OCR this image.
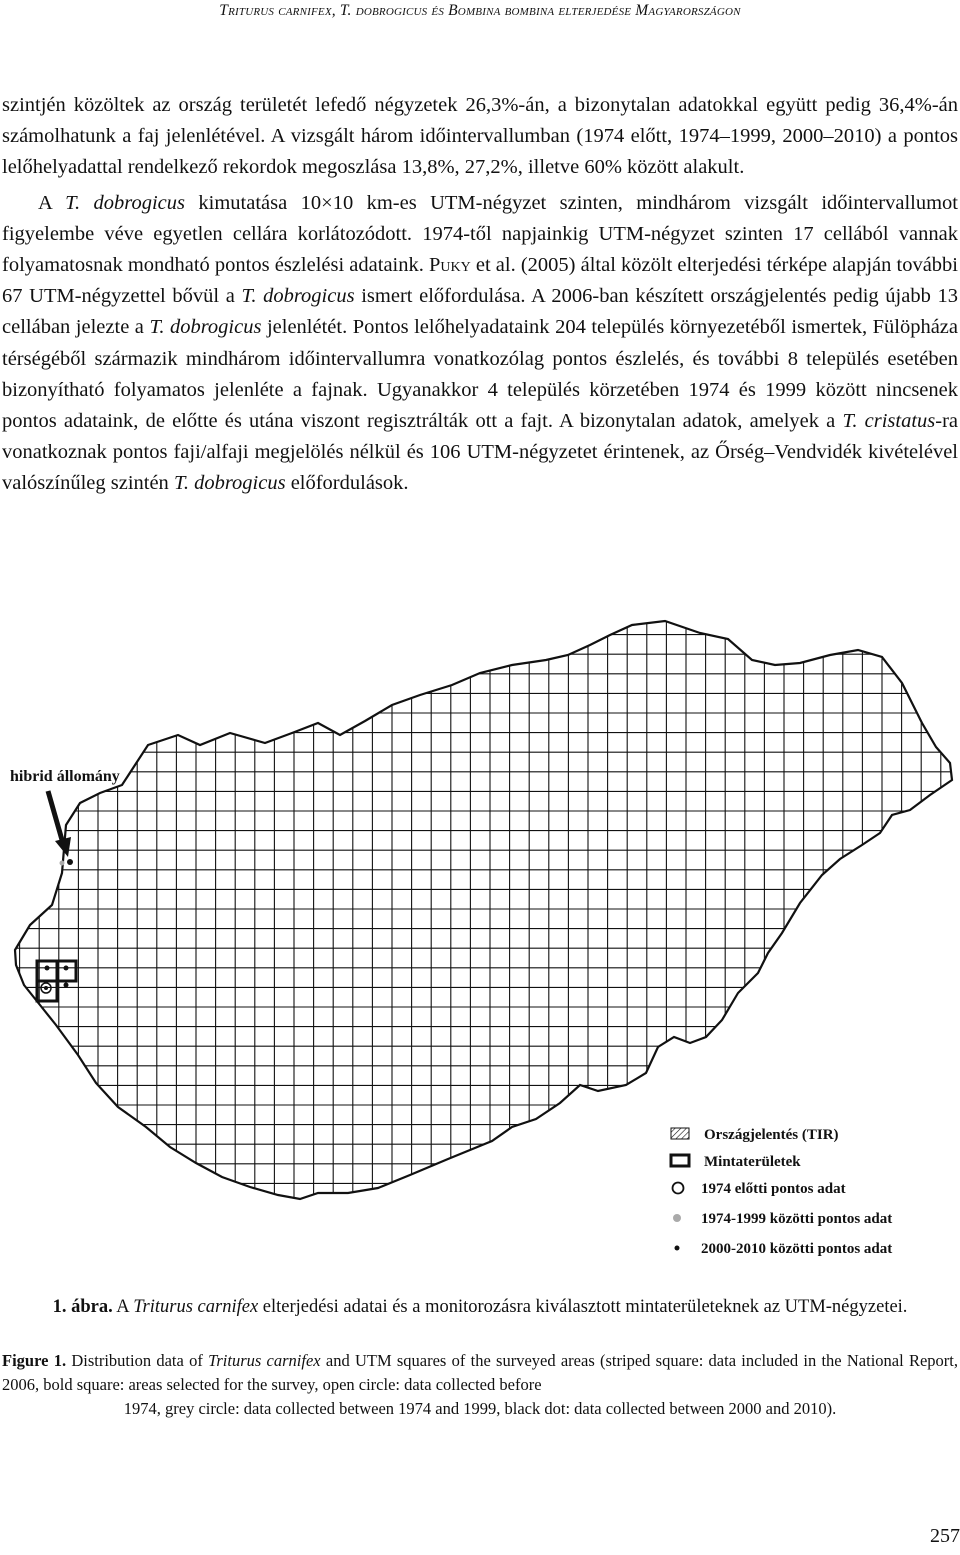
Triturus carnifex, T. dobrogicus és Bombina bombina elterjedése Magyarországon

szintjén közöltek az ország területét lefedő négyzetek 26,3%-án, a bizonytalan adatokkal együtt pedig 36,4%-án számolhatunk a faj jelenlétével. A vizsgált három időintervallumban (1974 előtt, 1974–1999, 2000–2010) a pontos lelőhelyadattal rendelkező rekordok megoszlása 13,8%, 27,2%, illetve 60% között alakult.

A T. dobrogicus kimutatása 10×10 km-es UTM-négyzet szinten, mindhárom vizsgált időintervallumot figyelembe véve egyetlen cellára korlátozódott. 1974-től napjainkig UTM-négyzet szinten 17 cellából vannak folyamatosnak mondható pontos észlelési adataink. Puky et al. (2005) által közölt elterjedési térképe alapján további 67 UTM-négyzettel bővül a T. dobrogicus ismert előfordulása. A 2006-ban készített országjelentés pedig újabb 13 cellában jelezte a T. dobrogicus jelenlétét. Pontos lelőhelyadataink 204 település környezetéből ismertek, Fülöpháza térségéből származik mindhárom időintervallumra vonatkozólag pontos észlelés, és további 8 település esetében bizonyítható folyamatos jelenléte a fajnak. Ugyanakkor 4 település körzetében 1974 és 1999 között nincsenek pontos adataink, de előtte és utána viszont regisztrálták ott a fajt. A bizonytalan adatok, amelyek a T. cristatus-ra vonatkoznak pontos faji/alfaji megjelölés nélkül és 106 UTM-négyzetet érintenek, az Őrség–Vendvidék kivételével valószínűleg szintén T. dobrogicus előfordulások.

hibrid állomány
Országjelentés (TIR)
Mintaterületek
1974 előtti pontos adat
1974-1999 közötti pontos adat
2000-2010 közötti pontos adat
1. ábra. A Triturus carnifex elterjedési adatai és a monitorozásra kiválasztott mintaterületeknek az UTM-négyzetei.
Figure 1. Distribution data of Triturus carnifex and UTM squares of the surveyed areas (striped square: data included in the National Report, 2006, bold square: areas selected for the survey, open circle: data collected before
1974, grey circle: data collected between 1974 and 1999, black dot: data collected between 2000 and 2010).
257
